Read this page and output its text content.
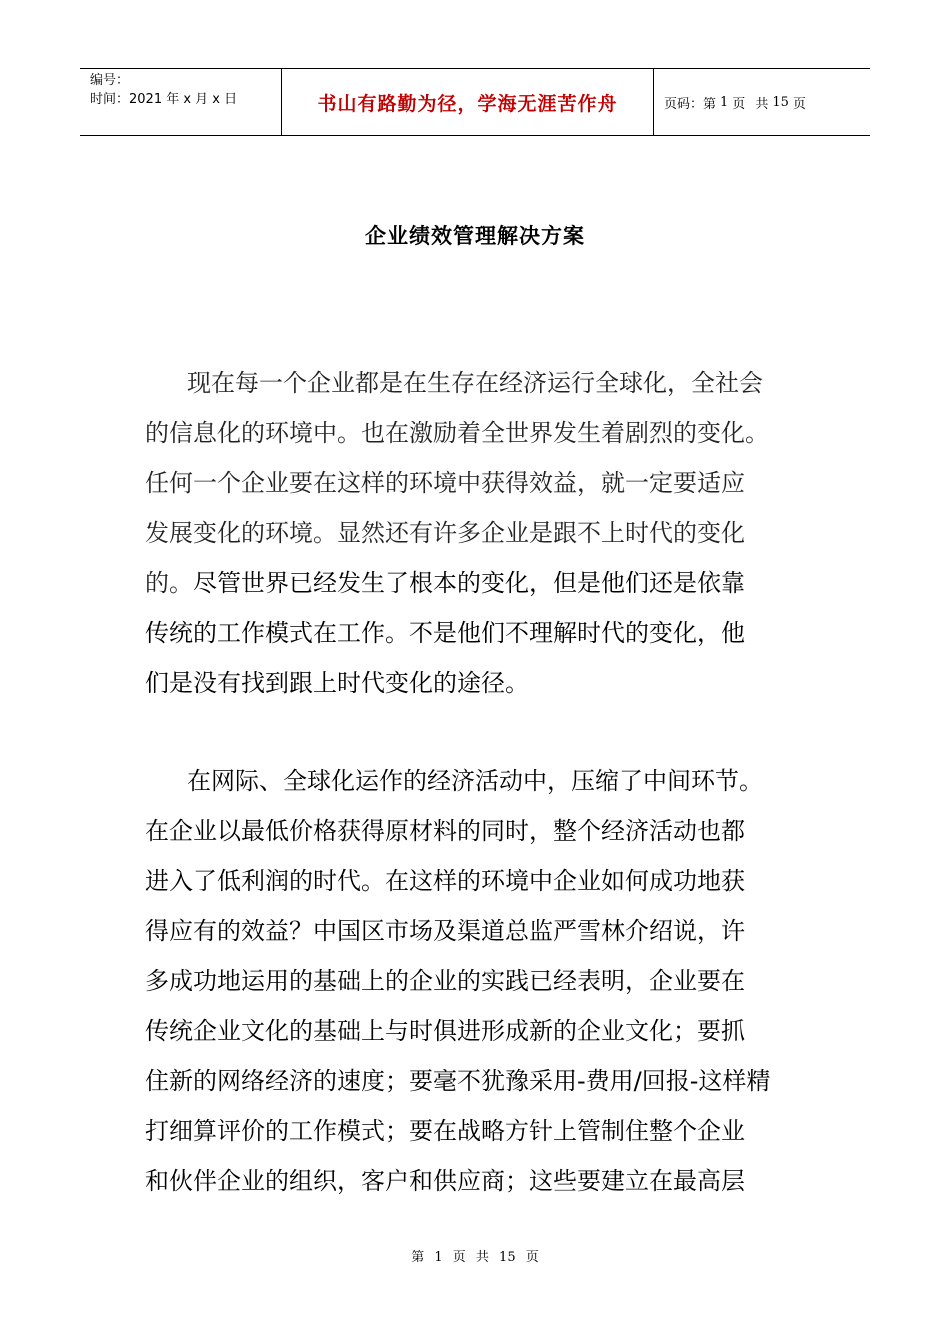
编号：
时间：2021 年 x 月 x 日	书山有路勤为径，学海无涯苦作舟	页码：第 1 页 共 15 页
企业绩效管理解决方案
现在每一个企业都是在生存在经济运行全球化，全社会
的信息化的环境中。也在激励着全世界发生着剧烈的变化。
任何一个企业要在这样的环境中获得效益，就一定要适应
发展变化的环境。显然还有许多企业是跟不上时代的变化
的。尽管世界已经发生了根本的变化，但是他们还是依靠
传统的工作模式在工作。不是他们不理解时代的变化，他
们是没有找到跟上时代变化的途径。
在网际、全球化运作的经济活动中，压缩了中间环节。
在企业以最低价格获得原材料的同时，整个经济活动也都
进入了低利润的时代。在这样的环境中企业如何成功地获
得应有的效益？中国区市场及渠道总监严雪林介绍说，许
多成功地运用的基础上的企业的实践已经表明，企业要在
传统企业文化的基础上与时俱进形成新的企业文化；要抓
住新的网络经济的速度；要毫不犹豫采用-费用/回报-这样精
打细算评价的工作模式；要在战略方针上管制住整个企业
和伙伴企业的组织，客户和供应商；这些要建立在最高层
第 1 页 共 15 页
